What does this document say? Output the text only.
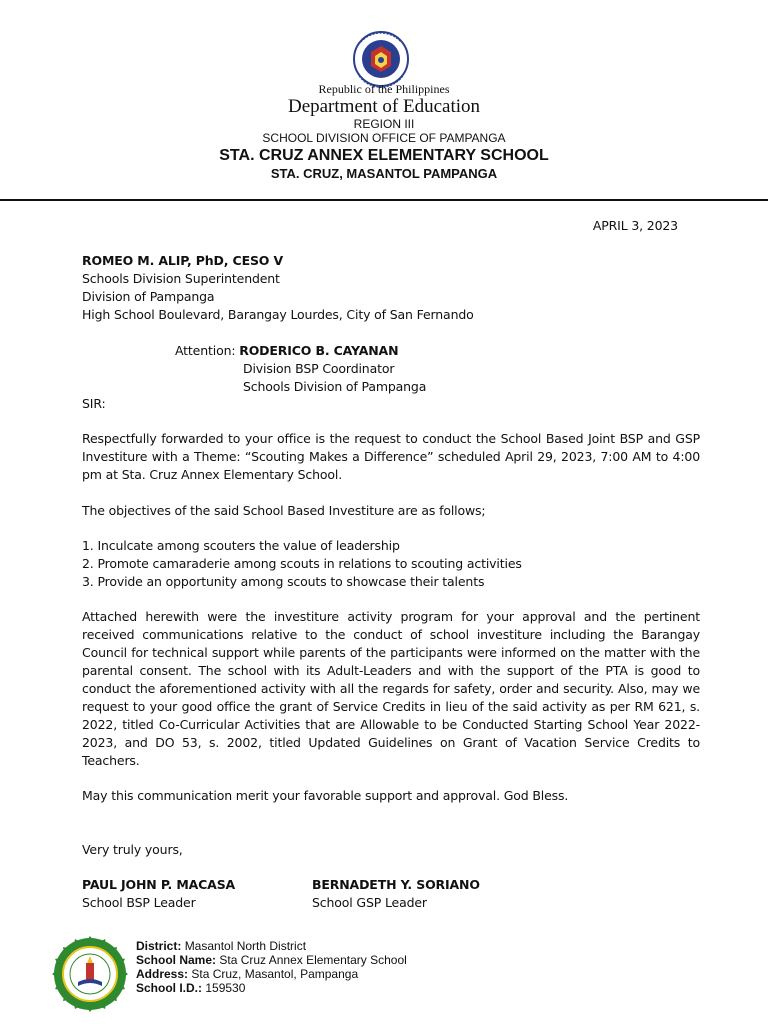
Republic of the Philippines
Department of Education
REGION III
SCHOOL DIVISION OFFICE OF PAMPANGA
STA. CRUZ ANNEX ELEMENTARY SCHOOL
STA. CRUZ, MASANTOL PAMPANGA
APRIL 3, 2023
ROMEO M. ALIP, PhD, CESO V
Schools Division Superintendent
Division of Pampanga
High School Boulevard, Barangay Lourdes, City of San Fernando
Attention: RODERICO B. CAYANAN
Division BSP Coordinator
Schools Division of Pampanga
SIR:
Respectfully forwarded to your office is the request to conduct the School Based Joint BSP and GSP Investiture with a Theme: “Scouting Makes a Difference” scheduled April 29, 2023, 7:00 AM to 4:00 pm at Sta. Cruz Annex Elementary School.
The objectives of the said School Based Investiture are as follows;
1. Inculcate among scouters the value of leadership
2. Promote camaraderie among scouts in relations to scouting activities
3. Provide an opportunity among scouts to showcase their talents
Attached herewith were the investiture activity program for your approval and the pertinent received communications relative to the conduct of school investiture including the Barangay Council for technical support while parents of the participants were informed on the matter with the parental consent. The school with its Adult-Leaders and with the support of the PTA is good to conduct the aforementioned activity with all the regards for safety, order and security. Also, may we request to your good office the grant of Service Credits in lieu of the said activity as per RM 621, s. 2022, titled Co-Curricular Activities that are Allowable to be Conducted Starting School Year 2022-2023, and DO 53, s. 2002, titled Updated Guidelines on Grant of Vacation Service Credits to Teachers.
May this communication merit your favorable support and approval. God Bless.
Very truly yours,
PAUL JOHN P. MACASA
School BSP Leader
BERNADETH Y. SORIANO
School GSP Leader
District: Masantol North District
School Name: Sta Cruz Annex Elementary School
Address: Sta Cruz, Masantol, Pampanga
School I.D.: 159530
